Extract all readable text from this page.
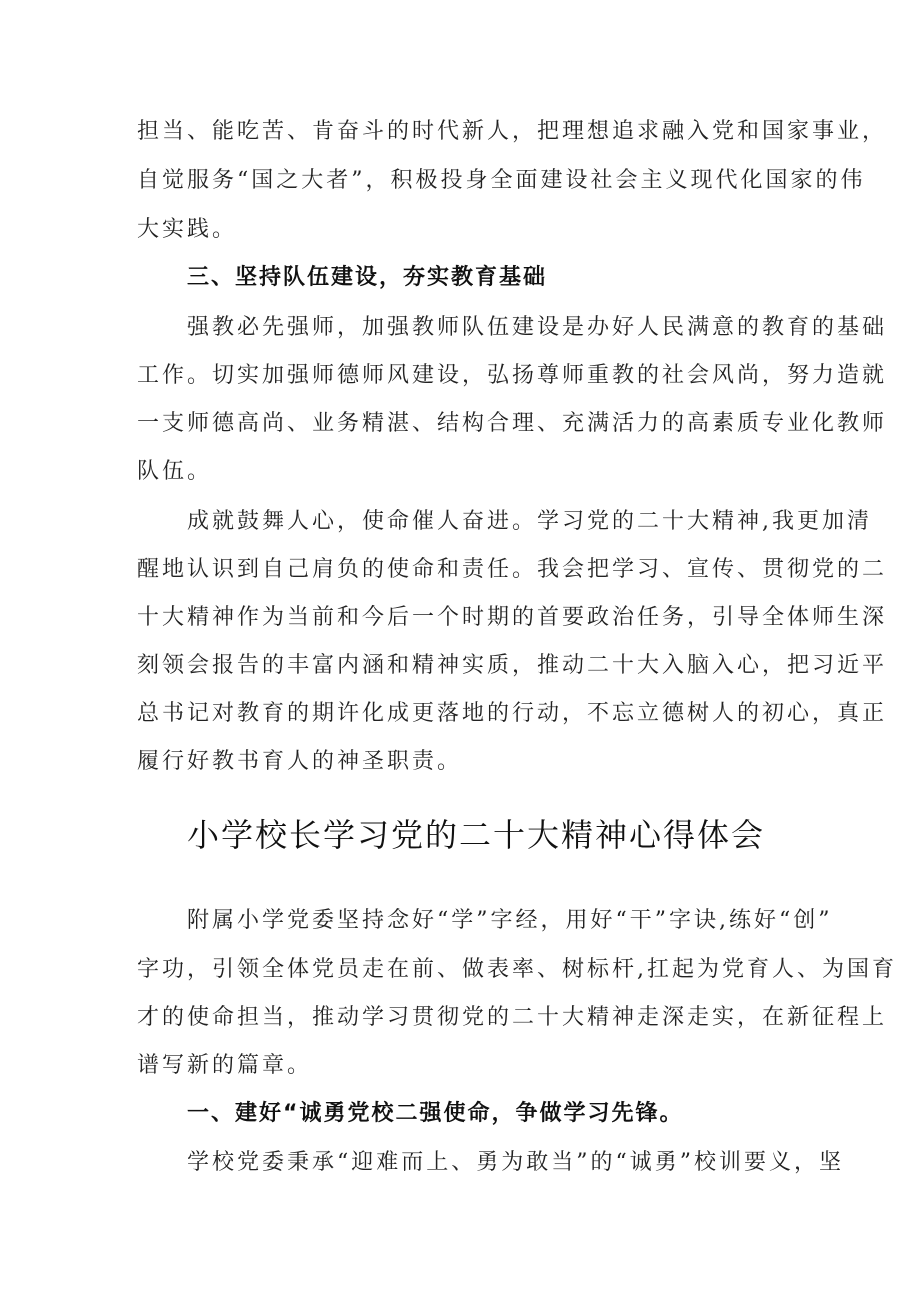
担当、能吃苦、肯奋斗的时代新人，把理想追求融入党和国家事业，
自觉服务“国之大者”，积极投身全面建设社会主义现代化国家的伟
大实践。
三、坚持队伍建设，夯实教育基础
强教必先强师，加强教师队伍建设是办好人民满意的教育的基础
工作。切实加强师德师风建设，弘扬尊师重教的社会风尚，努力造就
一支师德高尚、业务精湛、结构合理、充满活力的高素质专业化教师
队伍。
成就鼓舞人心，使命催人奋进。学习党的二十大精神,我更加清
醒地认识到自己肩负的使命和责任。我会把学习、宣传、贯彻党的二
十大精神作为当前和今后一个时期的首要政治任务，引导全体师生深
刻领会报告的丰富内涵和精神实质，推动二十大入脑入心，把习近平
总书记对教育的期许化成更落地的行动，不忘立德树人的初心，真正
履行好教书育人的神圣职责。
小学校长学习党的二十大精神心得体会
附属小学党委坚持念好“学”字经，用好“干”字诀,练好“创”
字功，引领全体党员走在前、做表率、树标杆,扛起为党育人、为国育
才的使命担当，推动学习贯彻党的二十大精神走深走实，在新征程上
谱写新的篇章。
一、建好“诚勇党校二强使命，争做学习先锋。
学校党委秉承“迎难而上、勇为敢当”的“诚勇”校训要义，坚
